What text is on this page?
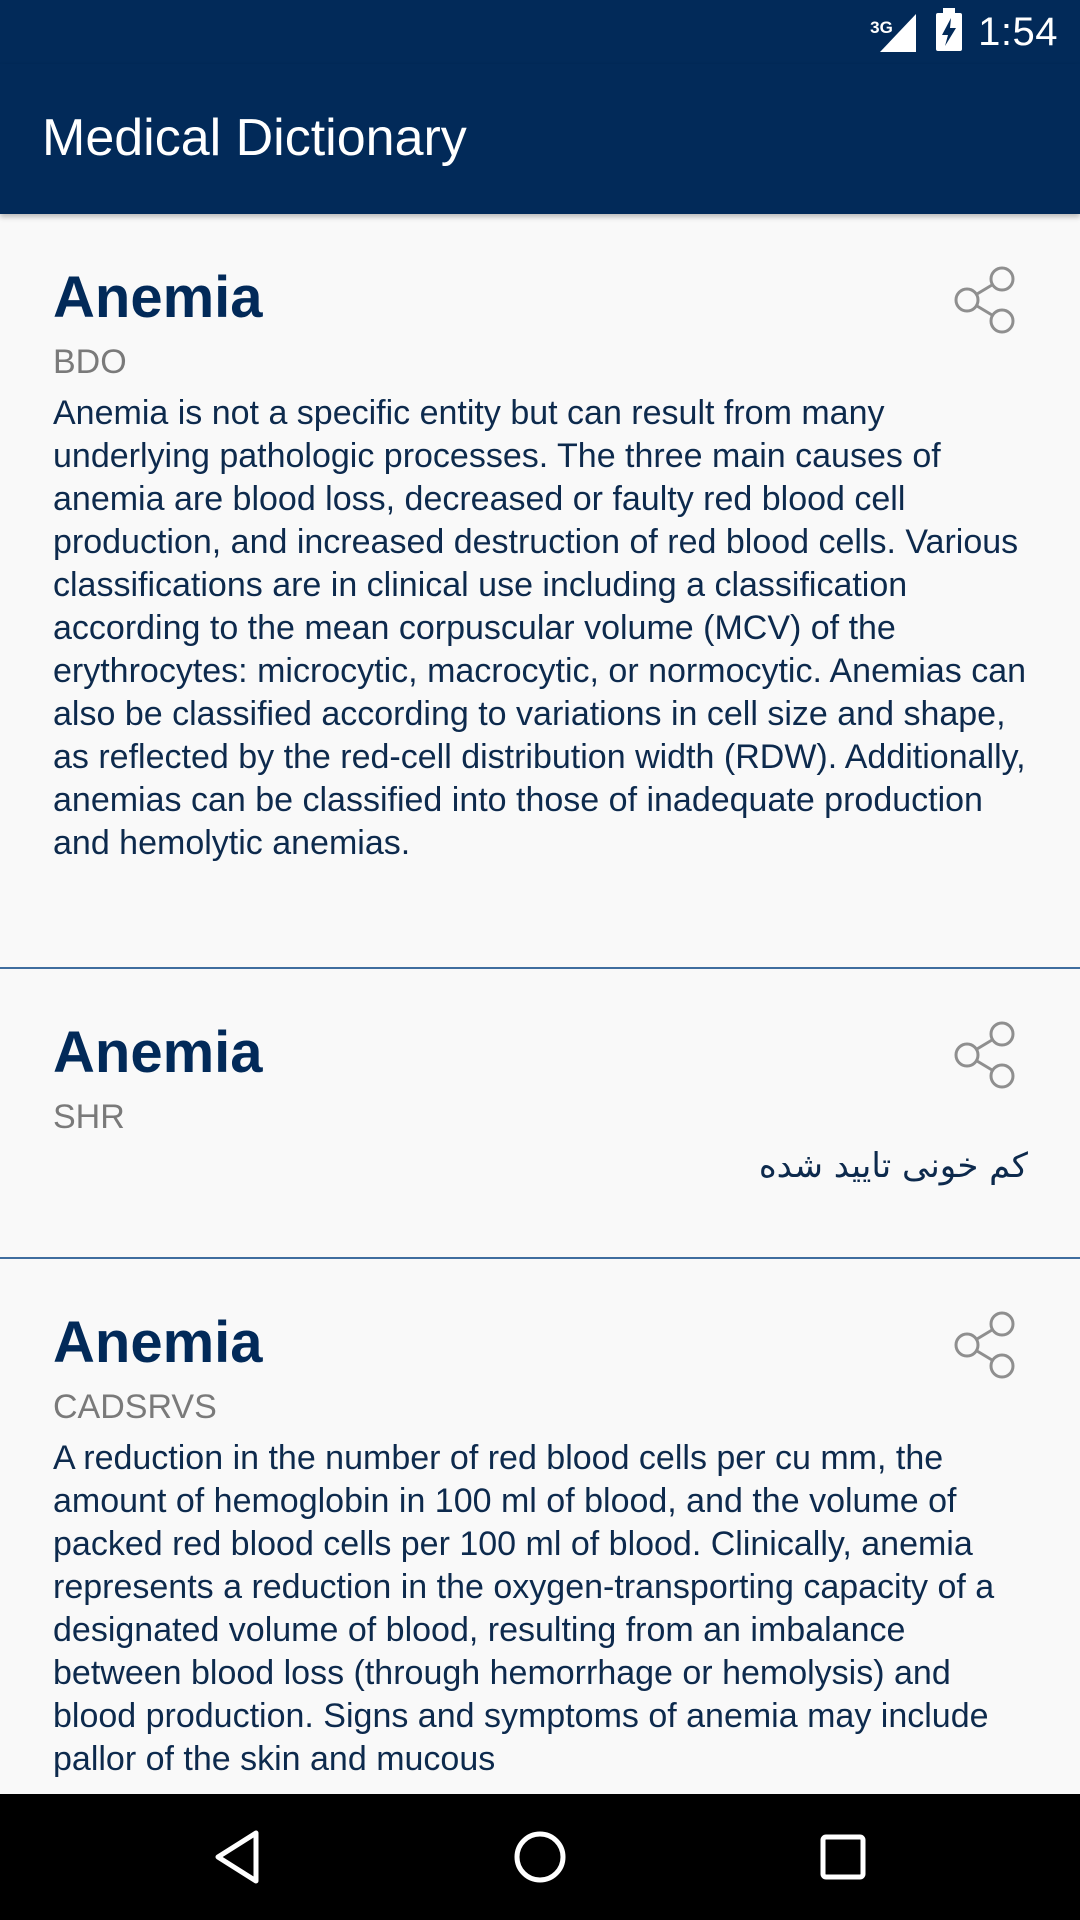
3G 1:54
Medical Dictionary
Anemia
BDO
Anemia is not a specific entity but can result from many underlying pathologic processes. The three main causes of anemia are blood loss, decreased or faulty red blood cell production, and increased destruction of red blood cells. Various classifications are in clinical use including a classification according to the mean corpuscular volume (MCV) of the erythrocytes: microcytic, macrocytic, or normocytic. Anemias can also be classified according to variations in cell size and shape, as reflected by the red-cell distribution width (RDW). Additionally, anemias can be classified into those of inadequate production and hemolytic anemias.
Anemia
SHR
کم خونی تایید شده
Anemia
CADSRVS
A reduction in the number of red blood cells per cu mm, the amount of hemoglobin in 100 ml of blood, and the volume of packed red blood cells per 100 ml of blood. Clinically, anemia represents a reduction in the oxygen-transporting capacity of a designated volume of blood, resulting from an imbalance between blood loss (through hemorrhage or hemolysis) and blood production. Signs and symptoms of anemia may include pallor of the skin and mucous
